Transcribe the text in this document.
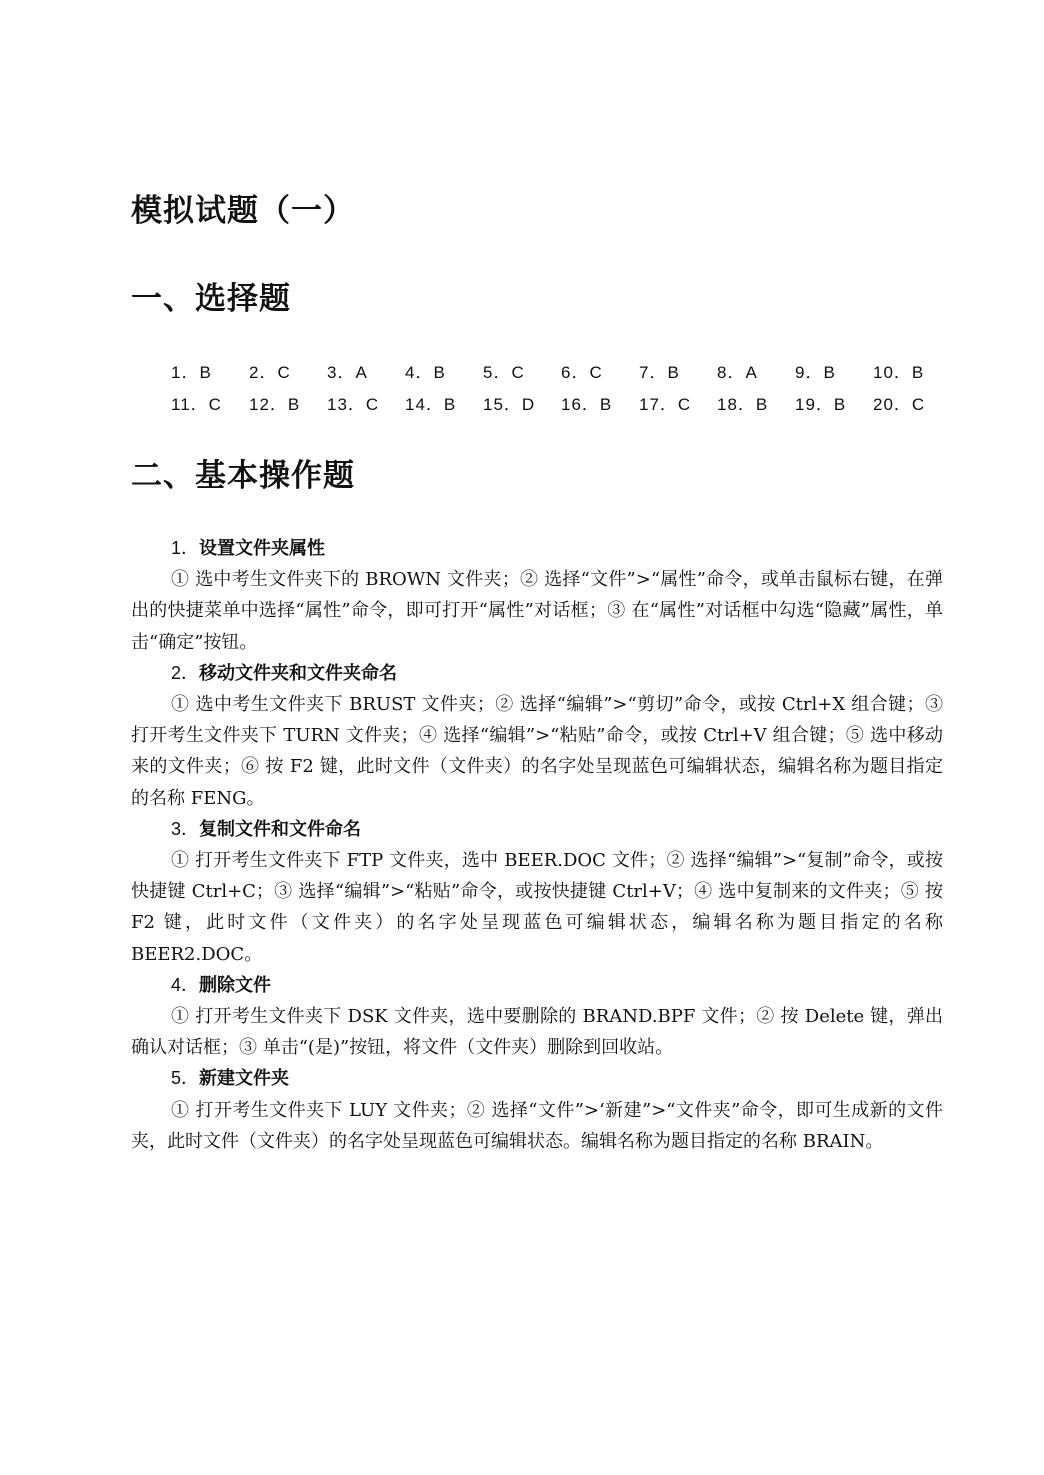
模拟试题（一）
一、选择题
1．B	2．C	3．A	4．B	5．C	6．C	7．B	8．A	9．B	10．B
11．C	12．B	13．C	14．B	15．D	16．B	17．C	18．B	19．B	20．C
二、基本操作题
1．设置文件夹属性

① 选中考生文件夹下的 BROWN 文件夹；② 选择“文件”>“属性”命令，或单击鼠标右键，在弹出的快捷菜单中选择“属性”命令，即可打开“属性”对话框；③ 在“属性”对话框中勾选“隐藏”属性，单击“确定”按钮。

2．移动文件夹和文件夹命名

① 选中考生文件夹下 BRUST 文件夹；② 选择“编辑”>“剪切”命令，或按 Ctrl+X 组合键；③ 打开考生文件夹下 TURN 文件夹；④ 选择“编辑”>“粘贴”命令，或按 Ctrl+V 组合键；⑤ 选中移动来的文件夹；⑥ 按 F2 键，此时文件（文件夹）的名字处呈现蓝色可编辑状态，编辑名称为题目指定的名称 FENG。

3．复制文件和文件命名

① 打开考生文件夹下 FTP 文件夹，选中 BEER.DOC 文件；② 选择“编辑”>“复制”命令，或按快捷键 Ctrl+C；③ 选择“编辑”>“粘贴”命令，或按快捷键 Ctrl+V；④ 选中复制来的文件夹；⑤ 按 F2 键，此时文件（文件夹）的名字处呈现蓝色可编辑状态，编辑名称为题目指定的名称 BEER2.DOC。

4．删除文件

① 打开考生文件夹下 DSK 文件夹，选中要删除的 BRAND.BPF 文件；② 按 Delete 键，弹出确认对话框；③ 单击“(是)”按钮，将文件（文件夹）删除到回收站。

5．新建文件夹

① 打开考生文件夹下 LUY 文件夹；② 选择“文件”>‘新建”>“文件夹”命令，即可生成新的文件夹，此时文件（文件夹）的名字处呈现蓝色可编辑状态。编辑名称为题目指定的名称 BRAIN。
